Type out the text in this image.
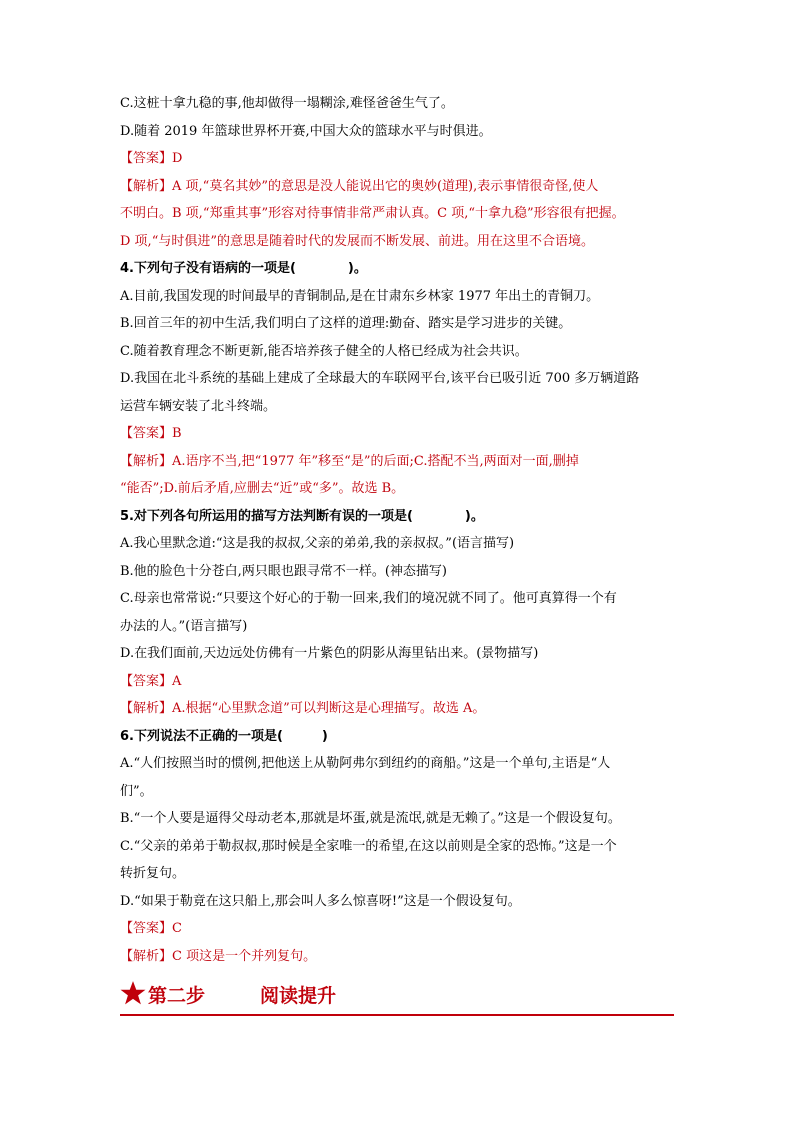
C.这桩十拿九稳的事,他却做得一塌糊涂,难怪爸爸生气了。
D.随着 2019 年篮球世界杯开赛,中国大众的篮球水平与时俱进。
【答案】D
【解析】A 项,“莫名其妙”的意思是没人能说出它的奥妙(道理),表示事情很奇怪,使人
不明白。B 项,“郑重其事”形容对待事情非常严肃认真。C 项,“十拿九稳”形容很有把握。
D 项,“与时俱进”的意思是随着时代的发展而不断发展、前进。用在这里不合语境。
4.下列句子没有语病的一项是(　　　　)。
A.目前,我国发现的时间最早的青铜制品,是在甘肃东乡林家 1977 年出土的青铜刀。
B.回首三年的初中生活,我们明白了这样的道理:勤奋、踏实是学习进步的关键。
C.随着教育理念不断更新,能否培养孩子健全的人格已经成为社会共识。
D.我国在北斗系统的基础上建成了全球最大的车联网平台,该平台已吸引近 700 多万辆道路
运营车辆安装了北斗终端。
【答案】B
【解析】A.语序不当,把“1977 年”移至“是”的后面;C.搭配不当,两面对一面,删掉
“能否”;D.前后矛盾,应删去“近”或“多”。故选 B。
5.对下列各句所运用的描写方法判断有误的一项是(　　　　)。
A.我心里默念道:“这是我的叔叔,父亲的弟弟,我的亲叔叔。”(语言描写)
B.他的脸色十分苍白,两只眼也跟寻常不一样。(神态描写)
C.母亲也常常说:“只要这个好心的于勒一回来,我们的境况就不同了。他可真算得一个有
办法的人。”(语言描写)
D.在我们面前,天边远处仿佛有一片紫色的阴影从海里钻出来。(景物描写)
【答案】A
【解析】A.根据“心里默念道”可以判断这是心理描写。故选 A。
6.下列说法不正确的一项是(　　　)
A.“人们按照当时的惯例,把他送上从勒阿弗尔到纽约的商船。”这是一个单句,主语是“人
们”。
B.“一个人要是逼得父母动老本,那就是坏蛋,就是流氓,就是无赖了。”这是一个假设复句。
C.“父亲的弟弟于勒叔叔,那时候是全家唯一的希望,在这以前则是全家的恐怖。”这是一个
转折复句。
D.“如果于勒竟在这只船上,那会叫人多么惊喜呀!”这是一个假设复句。
【答案】C
【解析】C 项这是一个并列复句。
第二步	阅读提升
